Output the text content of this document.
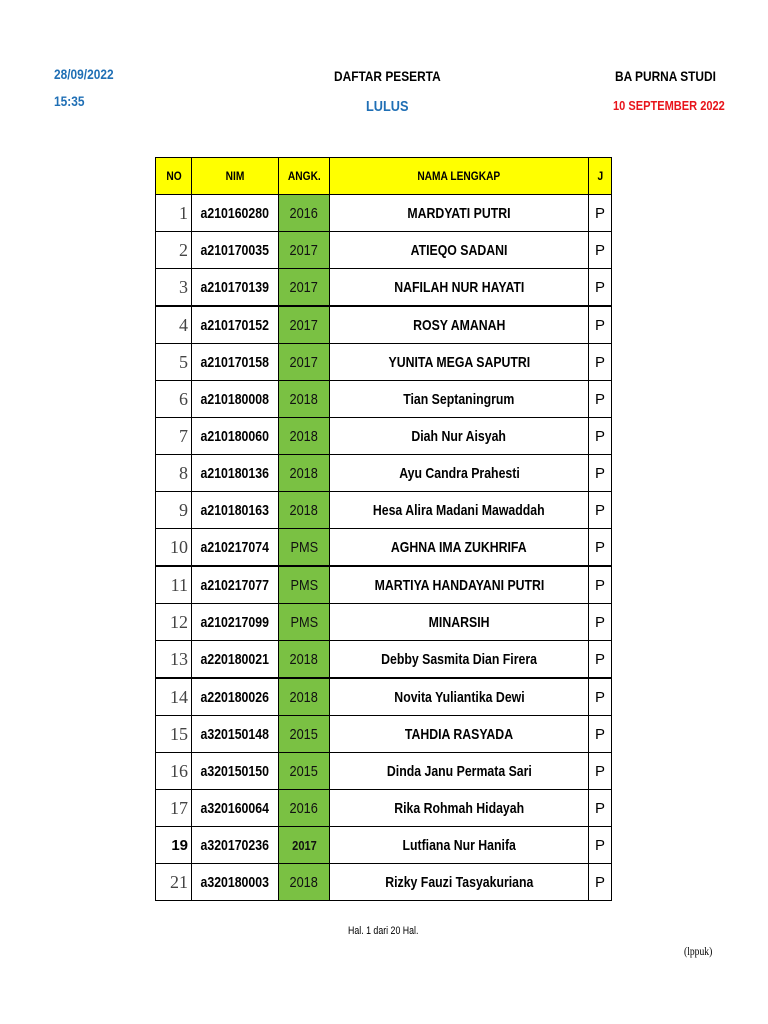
28/09/2022
15:35
DAFTAR PESERTA
LULUS
BA PURNA STUDI
10 SEPTEMBER 2022
NO	NIM	ANGK.	NAMA LENGKAP	J
1	a210160280	2016	MARDYATI PUTRI	P
2	a210170035	2017	ATIEQO SADANI	P
3	a210170139	2017	NAFILAH NUR HAYATI	P
4	a210170152	2017	ROSY AMANAH	P
5	a210170158	2017	YUNITA MEGA SAPUTRI	P
6	a210180008	2018	Tian Septaningrum	P
7	a210180060	2018	Diah Nur Aisyah	P
8	a210180136	2018	Ayu Candra Prahesti	P
9	a210180163	2018	Hesa Alira Madani Mawaddah	P
10	a210217074	PMS	AGHNA IMA ZUKHRIFA	P
11	a210217077	PMS	MARTIYA HANDAYANI PUTRI	P
12	a210217099	PMS	MINARSIH	P
13	a220180021	2018	Debby Sasmita Dian Firera	P
14	a220180026	2018	Novita Yuliantika Dewi	P
15	a320150148	2015	TAHDIA RASYADA	P
16	a320150150	2015	Dinda Janu Permata Sari	P
17	a320160064	2016	Rika Rohmah Hidayah	P
19	a320170236	2017	Lutfiana Nur Hanifa	P
21	a320180003	2018	Rizky Fauzi Tasyakuriana	P
Hal. 1 dari 20 Hal.
(lppuk)
